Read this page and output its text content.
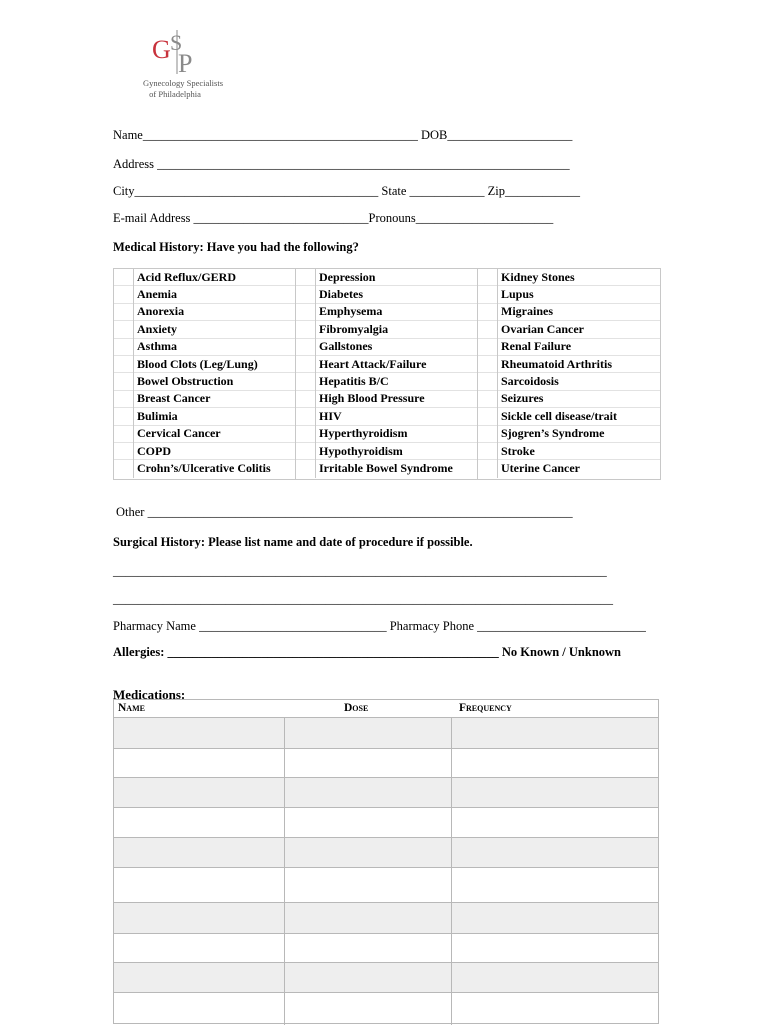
G S
P
Gynecology Specialists
of Philadelphia
Name____________________________________________ DOB____________________
Address __________________________________________________________________
City_______________________________________ State ____________ Zip____________
E-mail Address ____________________________Pronouns______________________
Medical History: Have you had the following?
Acid Reflux/GERD
Anemia
Anorexia
Anxiety
Asthma
Blood Clots (Leg/Lung)
Bowel Obstruction
Breast Cancer
Bulimia
Cervical Cancer
COPD
Crohn’s/Ulcerative Colitis
Depression
Diabetes
Emphysema
Fibromyalgia
Gallstones
Heart Attack/Failure
Hepatitis B/C
High Blood Pressure
HIV
Hyperthyroidism
Hypothyroidism
Irritable Bowel Syndrome
Kidney Stones
Lupus
Migraines
Ovarian Cancer
Renal Failure
Rheumatoid Arthritis
Sarcoidosis
Seizures
Sickle cell disease/trait
Sjogren’s Syndrome
Stroke
Uterine Cancer
Other ____________________________________________________________________
Surgical History: Please list name and date of procedure if possible.
_______________________________________________________________________________
________________________________________________________________________________
Pharmacy Name ______________________________ Pharmacy Phone ___________________________
Allergies: _____________________________________________________ No Known / Unknown
Medications:
Name	Dose	Frequency
